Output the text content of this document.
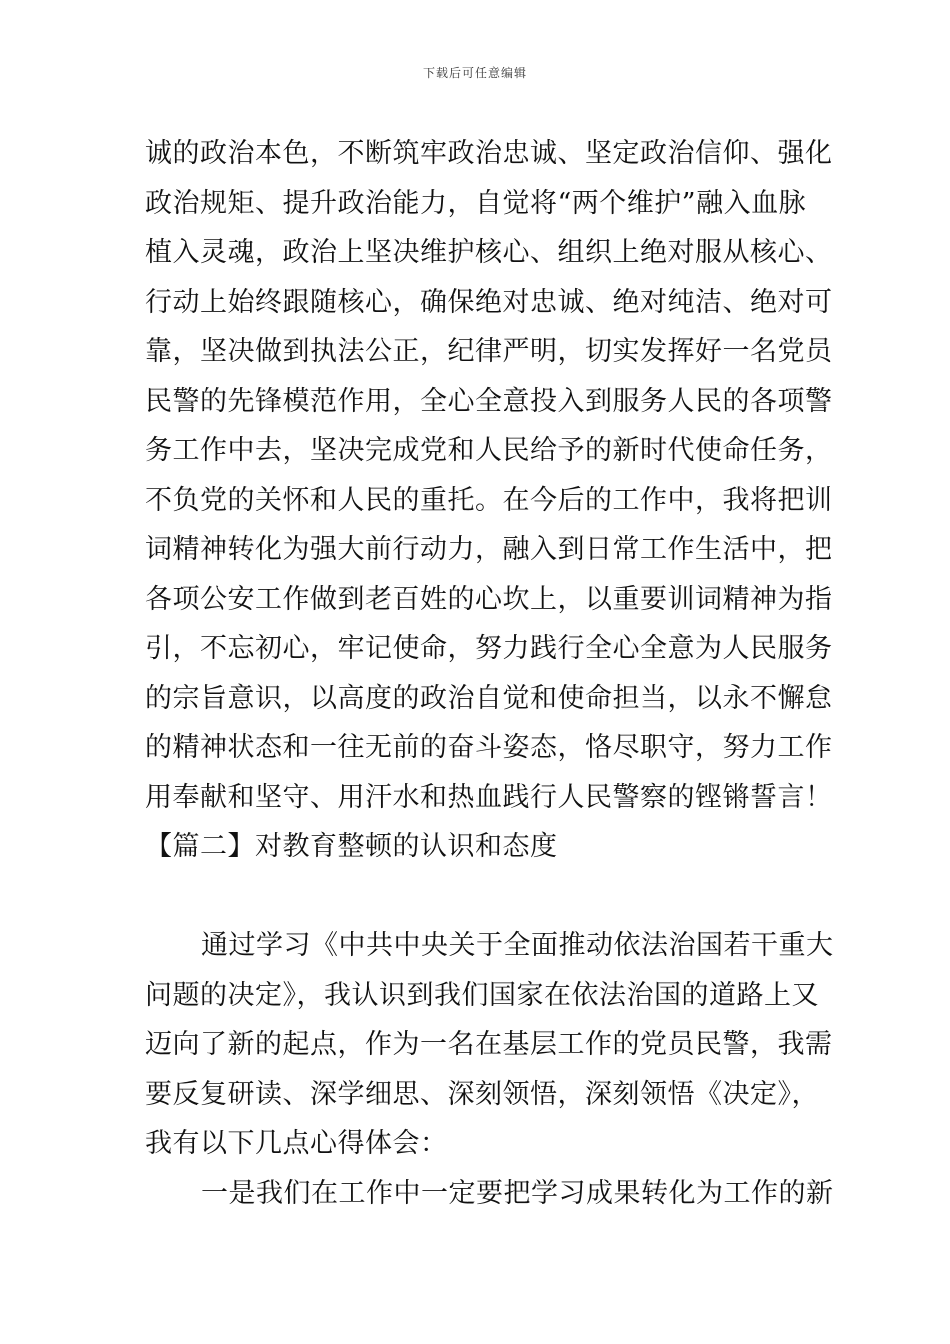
下载后可任意编辑
诚的政治本色，不断筑牢政治忠诚、坚定政治信仰、强化
政治规矩、提升政治能力，自觉将“两个维护”融入血脉
植入灵魂，政治上坚决维护核心、组织上绝对服从核心、
行动上始终跟随核心，确保绝对忠诚、绝对纯洁、绝对可
靠，坚决做到执法公正，纪律严明，切实发挥好一名党员
民警的先锋模范作用，全心全意投入到服务人民的各项警
务工作中去，坚决完成党和人民给予的新时代使命任务，
不负党的关怀和人民的重托。在今后的工作中，我将把训
词精神转化为强大前行动力，融入到日常工作生活中，把
各项公安工作做到老百姓的心坎上，以重要训词精神为指
引，不忘初心，牢记使命，努力践行全心全意为人民服务
的宗旨意识，以高度的政治自觉和使命担当，以永不懈怠
的精神状态和一往无前的奋斗姿态，恪尽职守，努力工作
用奉献和坚守、用汗水和热血践行人民警察的铿锵誓言！
【篇二】对教育整顿的认识和态度
通过学习《中共中央关于全面推动依法治国若干重大
问题的决定》，我认识到我们国家在依法治国的道路上又
迈向了新的起点，作为一名在基层工作的党员民警，我需
要反复研读、深学细思、深刻领悟，深刻领悟《决定》，
我有以下几点心得体会：
一是我们在工作中一定要把学习成果转化为工作的新
